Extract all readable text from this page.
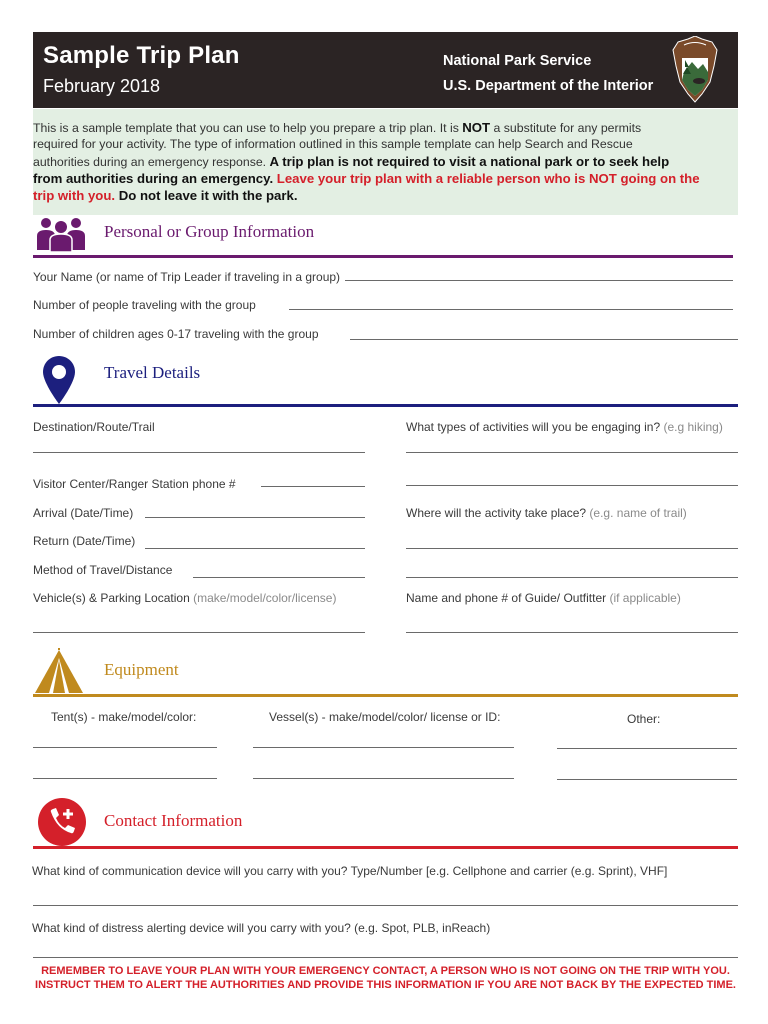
Sample Trip Plan
February 2018
National Park Service
U.S. Department of the Interior
This is a sample template that you can use to help you prepare a trip plan. It is NOT a substitute for any permits
required for your activity. The type of information outlined in this sample template can help Search and Rescue
authorities during an emergency response. A trip plan is not required to visit a national park or to seek help
from authorities during an emergency. Leave your trip plan with a reliable person who is NOT going on the
trip with you. Do not leave it with the park.
Personal or Group Information
Your Name (or name of Trip Leader if traveling in a group)
Number of people traveling with the group
Number of children ages 0-17 traveling with the group
Travel Details
Destination/Route/Trail	What types of activities will you be engaging in? (e.g hiking)
Visitor Center/Ranger Station phone #
Arrival (Date/Time)	Where will the activity take place? (e.g. name of trail)
Return (Date/Time)
Method of Travel/Distance
Vehicle(s) & Parking Location (make/model/color/license)	Name and phone # of Guide/ Outfitter (if applicable)
Equipment
Tent(s) - make/model/color:	Vessel(s) - make/model/color/ license or ID:	Other:
Contact Information
What kind of communication device will you carry with you? Type/Number [e.g. Cellphone and carrier (e.g. Sprint), VHF]
What kind of distress alerting device will you carry with you? (e.g. Spot, PLB, inReach)
REMEMBER TO LEAVE YOUR PLAN WITH YOUR EMERGENCY CONTACT, A PERSON WHO IS NOT GOING ON THE TRIP WITH YOU.
INSTRUCT THEM TO ALERT THE AUTHORITIES AND PROVIDE THIS INFORMATION IF YOU ARE NOT BACK BY THE EXPECTED TIME.
